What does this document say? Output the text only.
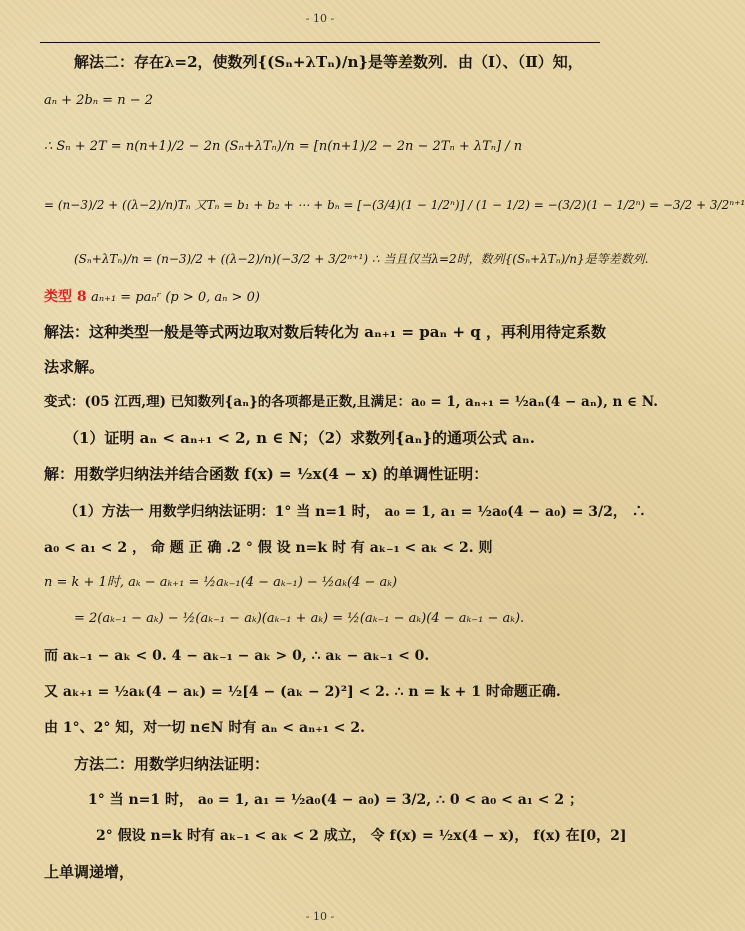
- 10 -
解法二：存在λ=2，使数列{(Sₙ+λTₙ)/n}是等差数列．由（Ⅰ）、（Ⅱ）知，
aₙ + 2bₙ = n − 2
∴ Sₙ + 2T = n(n+1)/2 − 2n (Sₙ+λTₙ)/n = [n(n+1)/2 − 2n − 2Tₙ + λTₙ] / n
= (n−3)/2 + ((λ−2)/n)Tₙ 又Tₙ = b₁ + b₂ + ⋯ + bₙ = [−(3/4)(1 − 1/2ⁿ)] / (1 − 1/2) = −(3/2)(1 − 1/2ⁿ) = −3/2 + 3/2ⁿ⁺¹
(Sₙ+λTₙ)/n = (n−3)/2 + ((λ−2)/n)(−3/2 + 3/2ⁿ⁺¹) ∴ 当且仅当λ=2时，数列{(Sₙ+λTₙ)/n}是等差数列.
类型 8 aₙ₊₁ = paₙʳ (p > 0, aₙ > 0)
解法：这种类型一般是等式两边取对数后转化为 aₙ₊₁ = paₙ + q ，再利用待定系数
法求解。
变式：(05 江西,理) 已知数列{aₙ}的各项都是正数,且满足：a₀ = 1, aₙ₊₁ = ½aₙ(4 − aₙ), n ∈ N.
（1）证明 aₙ < aₙ₊₁ < 2, n ∈ N；（2）求数列{aₙ}的通项公式 aₙ.
解：用数学归纳法并结合函数 f(x) = ½x(4 − x) 的单调性证明：
（1）方法一 用数学归纳法证明：1° 当 n=1 时， a₀ = 1, a₁ = ½a₀(4 − a₀) = 3/2， ∴
a₀ < a₁ < 2 ， 命 题 正 确 .2 ° 假 设 n=k 时 有 aₖ₋₁ < aₖ < 2. 则
n = k + 1时, aₖ − aₖ₊₁ = ½aₖ₋₁(4 − aₖ₋₁) − ½aₖ(4 − aₖ)
= 2(aₖ₋₁ − aₖ) − ½(aₖ₋₁ − aₖ)(aₖ₋₁ + aₖ) = ½(aₖ₋₁ − aₖ)(4 − aₖ₋₁ − aₖ).
而 aₖ₋₁ − aₖ < 0. 4 − aₖ₋₁ − aₖ > 0, ∴ aₖ − aₖ₋₁ < 0.
又 aₖ₊₁ = ½aₖ(4 − aₖ) = ½[4 − (aₖ − 2)²] < 2. ∴ n = k + 1 时命题正确.
由 1°、2° 知，对一切 n∈N 时有 aₙ < aₙ₊₁ < 2.
方法二：用数学归纳法证明：
1° 当 n=1 时， a₀ = 1, a₁ = ½a₀(4 − a₀) = 3/2, ∴ 0 < a₀ < a₁ < 2 ；
2° 假设 n=k 时有 aₖ₋₁ < aₖ < 2 成立， 令 f(x) = ½x(4 − x)， f(x) 在[0，2]
上单调递增，
- 10 -
